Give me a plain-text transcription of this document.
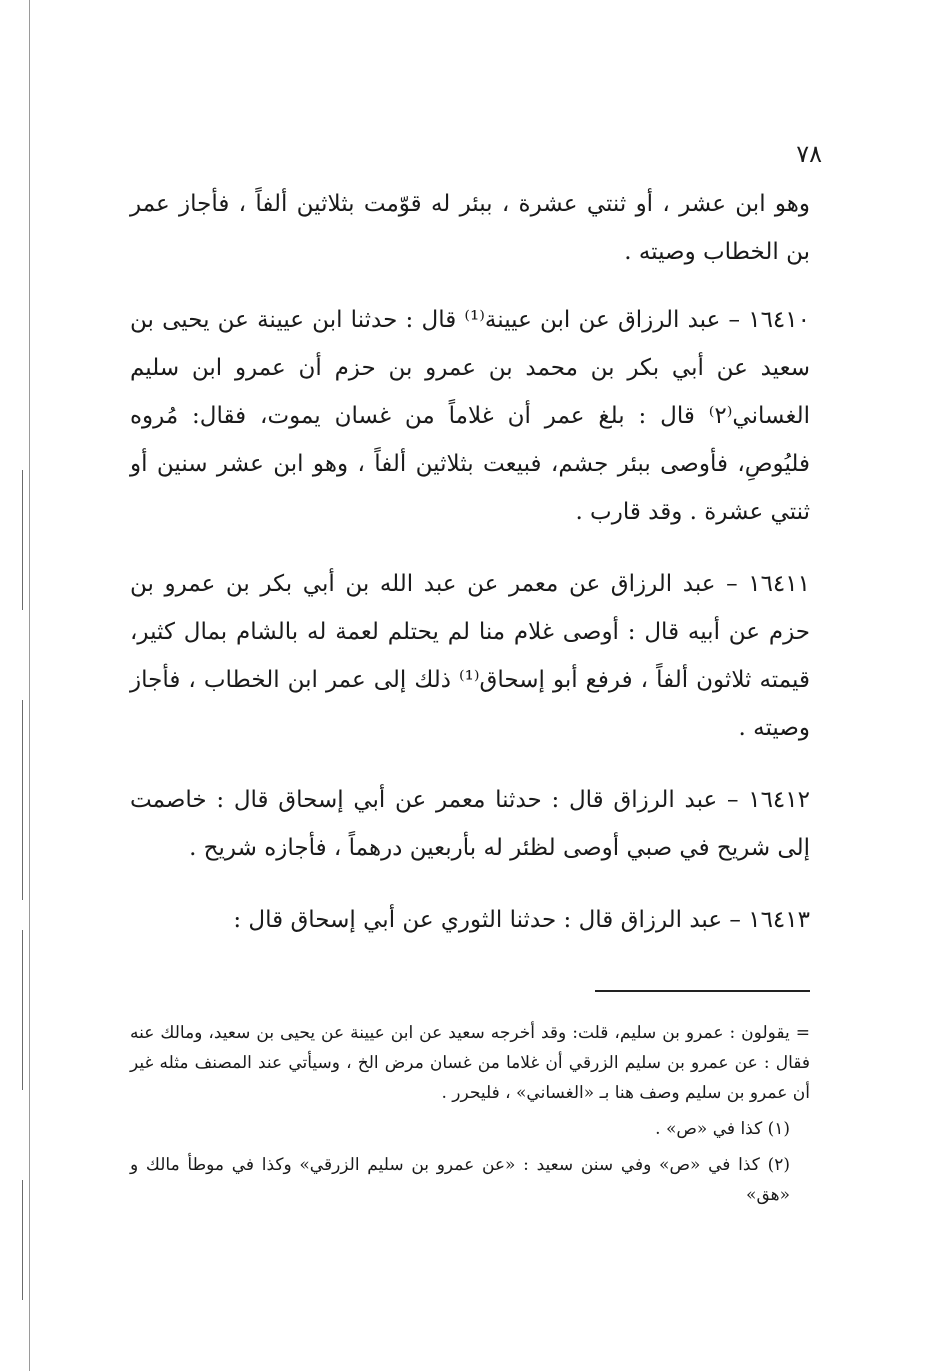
٧٨

وهو ابن عشر ، أو ثنتي عشرة ، ببئر له قوّمت بثلاثين ألفاً ، فأجاز عمر بن الخطاب وصيته .

١٦٤١٠ – عبد الرزاق عن ابن عيينة⁽¹⁾ قال : حدثنا ابن عيينة عن يحيى بن سعيد عن أبي بكر بن محمد بن عمرو بن حزم أن عمرو ابن سليم الغساني⁽٢⁾ قال : بلغ عمر أن غلاماً من غسان يموت، فقال: مُروه فليُوصِ، فأوصى ببئر جشم، فبيعت بثلاثين ألفاً ، وهو ابن عشر سنين أو ثنتي عشرة . وقد قارب .

١٦٤١١ – عبد الرزاق عن معمر عن عبد الله بن أبي بكر بن عمرو بن حزم عن أبيه قال : أوصى غلام منا لم يحتلم لعمة له بالشام بمال كثير، قيمته ثلاثون ألفاً ، فرفع أبو إسحاق⁽¹⁾ ذلك إلى عمر ابن الخطاب ، فأجاز وصيته .

١٦٤١٢ – عبد الرزاق قال : حدثنا معمر عن أبي إسحاق قال : خاصمت إلى شريح في صبي أوصى لظئر له بأربعين درهماً ، فأجازه شريح .

١٦٤١٣ – عبد الرزاق قال : حدثنا الثوري عن أبي إسحاق قال :

= يقولون : عمرو بن سليم، قلت: وقد أخرجه سعيد عن ابن عيينة عن يحيى بن سعيد، ومالك عنه فقال : عن عمرو بن سليم الزرقي أن غلاما من غسان مرض الخ ، وسيأتي عند المصنف مثله غير أن عمرو بن سليم وصف هنا بـ «الغساني» ، فليحرر .

(١) كذا في «ص» .

(٢) كذا في «ص» وفي سنن سعيد : «عن عمرو بن سليم الزرقي» وكذا في موطأ مالك و «هق»
